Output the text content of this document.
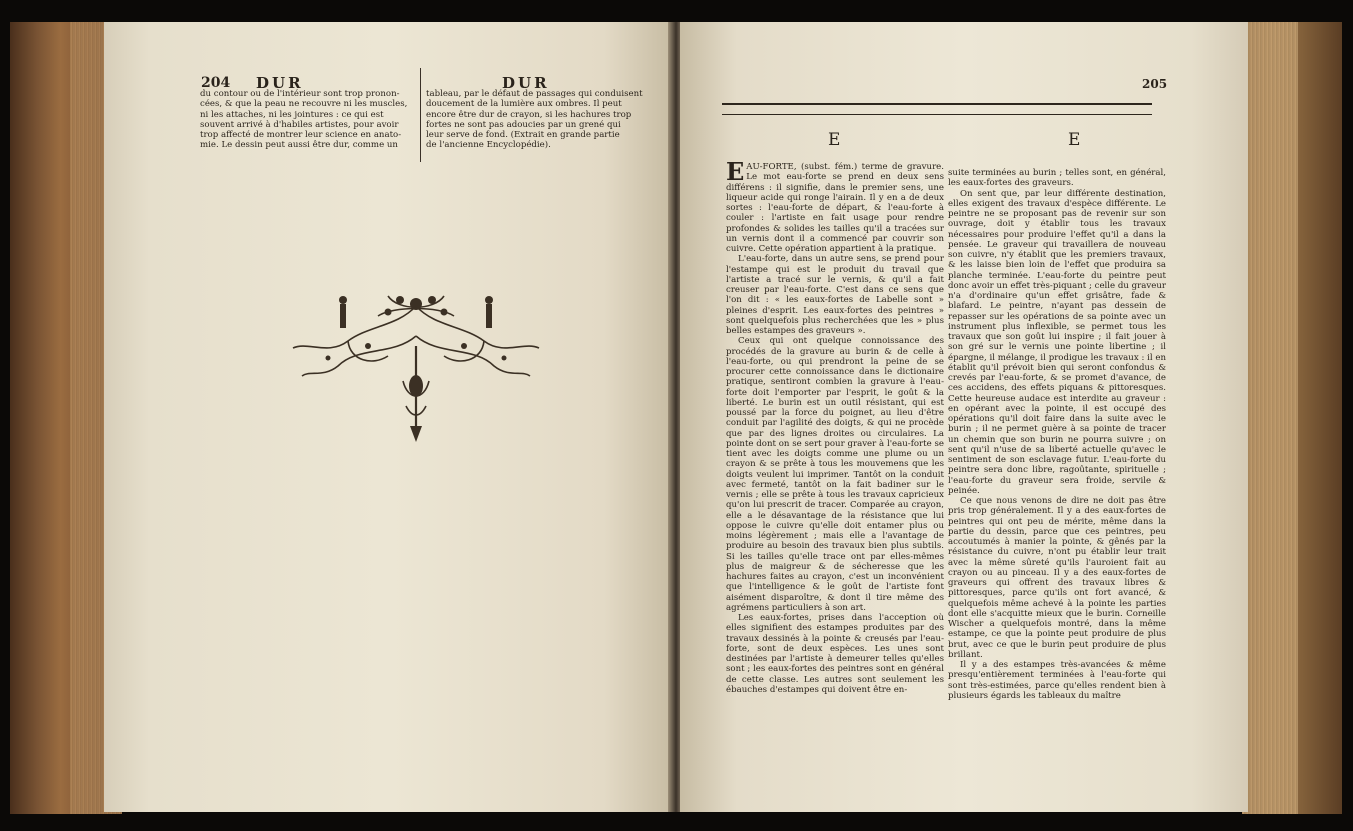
204 DUR	DUR
du contour ou de l'intérieur sont trop pronon-
cées, & que la peau ne recouvre ni les muscles,
ni les attaches, ni les jointures : ce qui est
souvent arrivé à d'habiles artistes, pour avoir
trop affecté de montrer leur science en anato-
mie. Le dessin peut aussi être dur, comme un
tableau, par le défaut de passages qui conduisent
doucement de la lumière aux ombres. Il peut
encore être dur de crayon, si les hachures trop
fortes ne sont pas adoucies par un grené qui
leur serve de fond. (Extrait en grande partie
de l'ancienne Encyclopédie).
205
E	E

EAU-FORTE, (subst. fém.) terme de gravure. Le mot eau-forte se prend en deux sens différens : il signifie, dans le premier sens, une liqueur acide qui ronge l'airain. Il y en a de deux sortes : l'eau-forte de départ, & l'eau-forte à couler : l'artiste en fait usage pour rendre profondes & solides les tailles qu'il a tracées sur un vernis dont il a commencé par couvrir son cuivre. Cette opération appartient à la pratique.

L'eau-forte, dans un autre sens, se prend pour l'estampe qui est le produit du travail que l'artiste a tracé sur le vernis, & qu'il a fait creuser par l'eau-forte. C'est dans ce sens que l'on dit : « les eaux-fortes de Labelle sont » pleines d'esprit. Les eaux-fortes des peintres » sont quelquefois plus recherchées que les » plus belles estampes des graveurs ».

Ceux qui ont quelque connoissance des procédés de la gravure au burin & de celle à l'eau-forte, ou qui prendront la peine de se procurer cette connoissance dans le dictionaire pratique, sentiront combien la gravure à l'eau-forte doit l'emporter par l'esprit, le goût & la liberté. Le burin est un outil résistant, qui est poussé par la force du poignet, au lieu d'être conduit par l'agilité des doigts, & qui ne procède que par des lignes droites ou circulaires. La pointe dont on se sert pour graver à l'eau-forte se tient avec les doigts comme une plume ou un crayon & se prête à tous les mouvemens que les doigts veulent lui imprimer. Tantôt on la conduit avec fermeté, tantôt on la fait badiner sur le vernis ; elle se prête à tous les travaux capricieux qu'on lui prescrit de tracer. Comparée au crayon, elle a le désavantage de la résistance que lui oppose le cuivre qu'elle doit entamer plus ou moins légèrement ; mais elle a l'avantage de produire au besoin des travaux bien plus subtils. Si les tailles qu'elle trace ont par elles-mêmes plus de maigreur & de sécheresse que les hachures faites au crayon, c'est un inconvénient que l'intelligence & le goût de l'artiste font aisément disparoître, & dont il tire même des agrémens particuliers à son art.

Les eaux-fortes, prises dans l'acception où elles signifient des estampes produites par des travaux dessinés à la pointe & creusés par l'eau-forte, sont de deux espèces. Les unes sont destinées par l'artiste à demeurer telles qu'elles sont ; les eaux-fortes des peintres sont en général de cette classe. Les autres sont seulement les ébauches d'estampes qui doivent être en-

suite terminées au burin ; telles sont, en général, les eaux-fortes des graveurs.

On sent que, par leur différente destination, elles exigent des travaux d'espèce différente. Le peintre ne se proposant pas de revenir sur son ouvrage, doit y établir tous les travaux nécessaires pour produire l'effet qu'il a dans la pensée. Le graveur qui travaillera de nouveau son cuivre, n'y établit que les premiers travaux, & les laisse bien loin de l'effet que produira sa planche terminée. L'eau-forte du peintre peut donc avoir un effet très-piquant ; celle du graveur n'a d'ordinaire qu'un effet grisâtre, fade & blafard. Le peintre, n'ayant pas dessein de repasser sur les opérations de sa pointe avec un instrument plus inflexible, se permet tous les travaux que son goût lui inspire ; il fait jouer à son gré sur le vernis une pointe libertine ; il épargne, il mélange, il prodigue les travaux : il en établit qu'il prévoit bien qui seront confondus & crevés par l'eau-forte, & se promet d'avance, de ces accidens, des effets piquans & pittoresques. Cette heureuse audace est interdite au graveur : en opérant avec la pointe, il est occupé des opérations qu'il doit faire dans la suite avec le burin ; il ne permet guère à sa pointe de tracer un chemin que son burin ne pourra suivre ; on sent qu'il n'use de sa liberté actuelle qu'avec le sentiment de son esclavage futur. L'eau-forte du peintre sera donc libre, ragoûtante, spirituelle ; l'eau-forte du graveur sera froide, servile & peinée.

Ce que nous venons de dire ne doit pas être pris trop généralement. Il y a des eaux-fortes de peintres qui ont peu de mérite, même dans la partie du dessin, parce que ces peintres, peu accoutumés à manier la pointe, & gênés par la résistance du cuivre, n'ont pu établir leur trait avec la même sûreté qu'ils l'auroient fait au crayon ou au pinceau. Il y a des eaux-fortes de graveurs qui offrent des travaux libres & pittoresques, parce qu'ils ont fort avancé, & quelquefois même achevé à la pointe les parties dont elle s'acquitte mieux que le burin. Corneille Wischer a quelquefois montré, dans la même estampe, ce que la pointe peut produire de plus brut, avec ce que le burin peut produire de plus brillant.

Il y a des estampes très-avancées & même presqu'entièrement terminées à l'eau-forte qui sont très-estimées, parce qu'elles rendent bien à plusieurs égards les tableaux du maître
